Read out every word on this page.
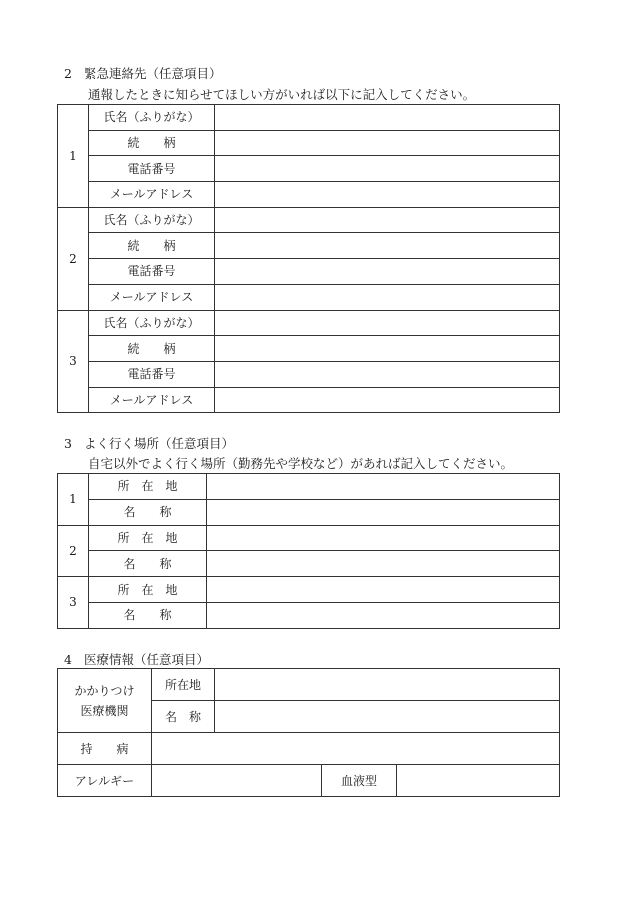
2 緊急連絡先（任意項目）
通報したときに知らせてほしい方がいれば以下に記入してください。
1	氏名（ふりがな）	
	続　　柄	
	電話番号	
	メールアドレス	
2	氏名（ふりがな）	
	続　　柄	
	電話番号	
	メールアドレス	
3	氏名（ふりがな）	
	続　　柄	
	電話番号	
	メールアドレス	
3 よく行く場所（任意項目）
自宅以外でよく行く場所（勤務先や学校など）があれば記入してください。
1	所　在　地	
	名　　称	
2	所　在　地	
	名　　称	
3	所　在　地	
	名　　称	
4 医療情報（任意項目）
かかりつけ
医療機関	所在地			
	名　称			
持　　病				
アレルギー			血液型	
